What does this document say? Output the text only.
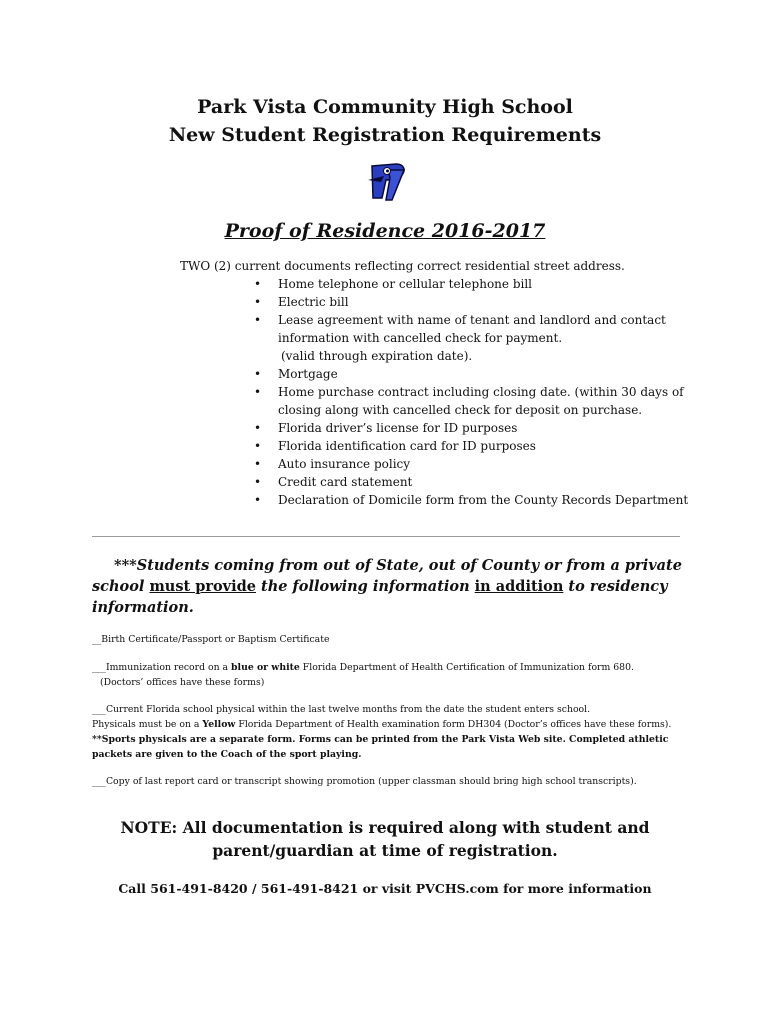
Park Vista Community High School
New Student Registration Requirements
Proof of Residence 2016-2017
TWO (2) current documents reflecting correct residential street address.
• Home telephone or cellular telephone bill
• Electric bill
• Lease agreement with name of tenant and landlord and contact
information with cancelled check for payment.
(valid through expiration date).
• Mortgage
• Home purchase contract including closing date. (within 30 days of
closing along with cancelled check for deposit on purchase.
• Florida driver’s license for ID purposes
• Florida identification card for ID purposes
• Auto insurance policy
• Credit card statement
• Declaration of Domicile form from the County Records Department
***Students coming from out of State, out of County or from a private
school must provide the following information in addition to residency
information.
__Birth Certificate/Passport or Baptism Certificate
___Immunization record on a blue or white Florida Department of Health Certification of Immunization form 680.
(Doctors’ offices have these forms)
___Current Florida school physical within the last twelve months from the date the student enters school.
Physicals must be on a Yellow Florida Department of Health examination form DH304 (Doctor’s offices have these forms).
**Sports physicals are a separate form. Forms can be printed from the Park Vista Web site. Completed athletic
packets are given to the Coach of the sport playing.
___Copy of last report card or transcript showing promotion (upper classman should bring high school transcripts).
NOTE: All documentation is required along with student and
parent/guardian at time of registration.
Call 561-491-8420 / 561-491-8421 or visit PVCHS.com for more information
